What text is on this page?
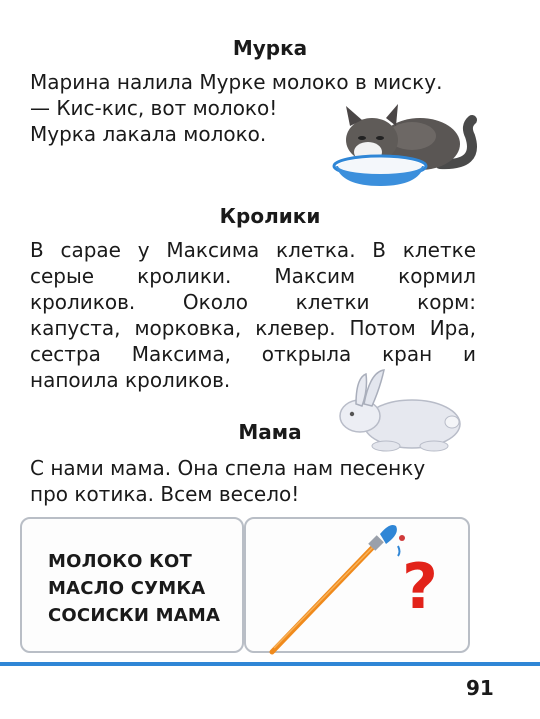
Мурка
Марина налила Мурке молоко в миску.
— Кис-кис, вот молоко!
Мурка лакала молоко.
Кролики
В сарае у Максима клетка. В клетке
серые кролики. Максим кормил
кроликов. Около клетки корм:
капуста, морковка, клевер. Потом Ира,
сестра Максима, открыла кран и
напоила кроликов.
Мама
С нами мама. Она спела нам песенку
про котика. Всем весело!
МОЛОКО КОТ
МАСЛО СУМКА
СОСИСКИ МАМА	?
91
